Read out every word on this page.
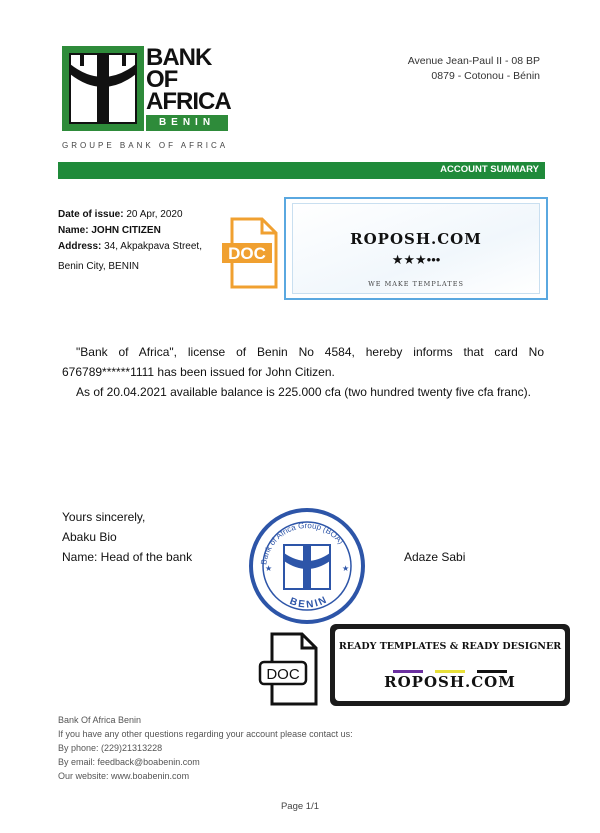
BANK
OF
AFRICA
BENIN
GROUPE BANK OF AFRICA
Avenue Jean-Paul II - 08 BP
0879 - Cotonou - Bénin
ACCOUNT SUMMARY
Date of issue: 20 Apr, 2020
Name: JOHN CITIZEN
Address: 34, Akpakpava Street,
Benin City, BENIN
DOC
ROPOSH.COM
★★★•••
WE MAKE TEMPLATES
"Bank of Africa", license of Benin No 4584, hereby informs that card No 676789******1111 has been issued for John Citizen.
As of 20.04.2021 available balance is 225.000 cfa (two hundred twenty five cfa franc).
Yours sincerely,
Abaku Bio
Name: Head of the bank	Adaze Sabi
Bank of Africa Group (BOA)
BENIN
★	★
DOC
READY TEMPLATES & READY DESIGNER
ROPOSH.COM
Bank Of Africa Benin
If you have any other questions regarding your account please contact us:
By phone: (229)21313228
By email: feedback@boabenin.com
Our website: www.boabenin.com
Page 1/1
